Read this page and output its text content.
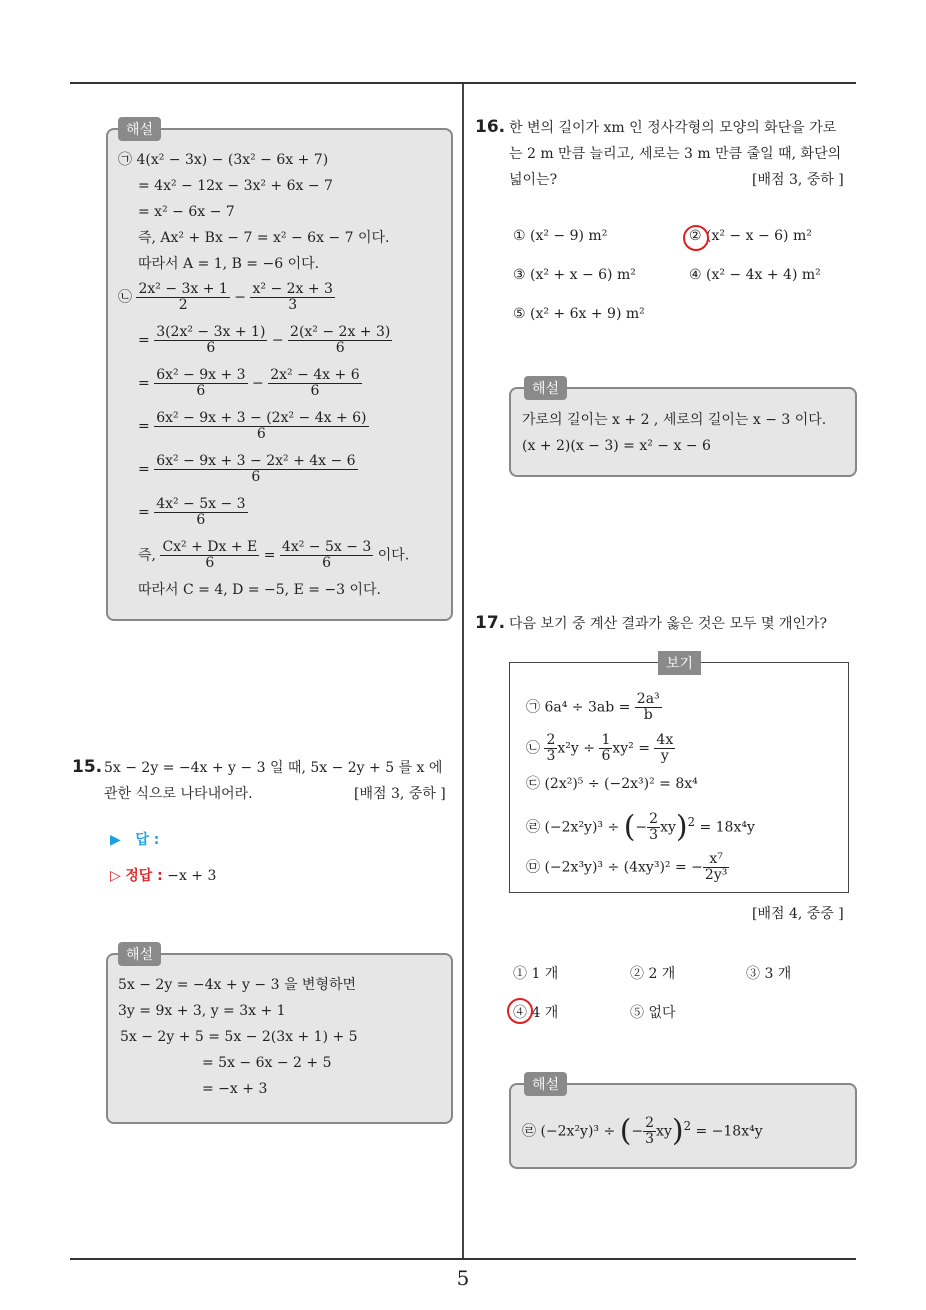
5
해설
㉠ 4(x² − 3x) − (3x² − 6x + 7)
= 4x² − 12x − 3x² + 6x − 7
= x² − 6x − 7
즉, Ax² + Bx − 7 = x² − 6x − 7 이다.
따라서 A = 1, B = −6 이다.
㉡ $\frac{\text{2x² − 3x + 1}}{2} - \frac{\text{x² − 2x + 3}}{3}$
= $\frac{\text{3(2x² − 3x + 1)}}{6} - \frac{\text{2(x² − 2x + 3)}}{6}$
= $\frac{\text{6x² − 9x + 3}}{6} - \frac{\text{2x² − 4x + 6}}{6}$
= $\frac{\text{6x² − 9x + 3 − (2x² − 4x + 6)}}{6}$
= $\frac{\text{6x² − 9x + 3 − 2x² + 4x − 6}}{6}$
= $\frac{\text{4x² − 5x − 3}}{6}$
즉, $\frac{\text{Cx² + Dx + E}}{6} = \frac{\text{4x² − 5x − 3}}{6}$ 이다.
따라서 C = 4, D = −5, E = −3 이다.
15. 5x − 2y = −4x + y − 3 일 때, 5x − 2y + 5 를 x 에
관한 식으로 나타내어라.	[배점 3, 중하 ]
▶ 답 :
▷ 정답 : −x + 3
해설
5x − 2y = −4x + y − 3 을 변형하면
3y = 9x + 3, y = 3x + 1
5x − 2y + 5 = 5x − 2(3x + 1) + 5
= 5x − 6x − 2 + 5
= −x + 3
16. 한 변의 길이가 xm 인 정사각형의 모양의 화단을 가로
는 2 m 만큼 늘리고, 세로는 3 m 만큼 줄일 때, 화단의
넓이는?	[배점 3, 중하 ]
① (x² − 9) m²	② (x² − x − 6) m²
③ (x² + x − 6) m²	④ (x² − 4x + 4) m²
⑤ (x² + 6x + 9) m²
해설
가로의 길이는 x + 2 , 세로의 길이는 x − 3 이다.
(x + 2)(x − 3) = x² − x − 6
17. 다음 보기 중 계산 결과가 옳은 것은 모두 몇 개인가?
보기
㉠ $6a^4 \div 3ab = \frac{\text{2a³}}{b}$
㉡ $\frac{2}{3} x^2y \div \frac{1}{6} xy^2 = \frac{4x}{y}$
㉢ (2x²)⁵ ÷ (−2x³)² = 8x⁴
㉣ (−2x²y)³ ÷ (− $\frac{2}{3} xy)^2 = 18x^4y$
㉤ (−2x³y)³ ÷ (4xy³)² = − $\frac{\text{x⁷}}{\text{2y³}}$
[배점 4, 중중 ]
① 1 개	② 2 개	③ 3 개
④ 4 개	⑤ 없다
해설
㉣ (−2x²y)³ ÷ (− $\frac{2}{3} xy)^2 = -18x^4y$
